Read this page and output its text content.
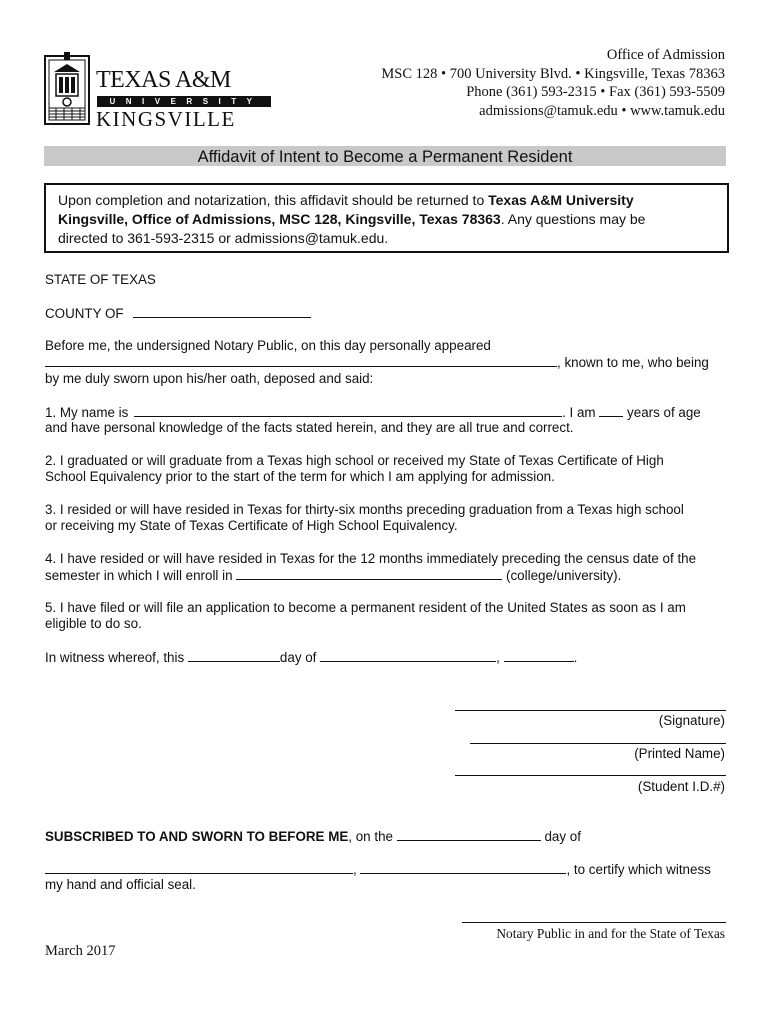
TEXAS A&M
UNIVERSITY
KINGSVILLE
Office of Admission
MSC 128 • 700 University Blvd. • Kingsville, Texas 78363
Phone (361) 593-2315 • Fax (361) 593-5509
admissions@tamuk.edu • www.tamuk.edu
Affidavit of Intent to Become a Permanent Resident
Upon completion and notarization, this affidavit should be returned to Texas A&M University
Kingsville, Office of Admissions, MSC 128, Kingsville, Texas 78363. Any questions may be
directed to 361-593-2315 or admissions@tamuk.edu.
STATE OF TEXAS
COUNTY OF
Before me, the undersigned Notary Public, on this day personally appeared
, known to me, who being
by me duly sworn upon his/her oath, deposed and said:
1. My name is	. I am years of age
and have personal knowledge of the facts stated herein, and they are all true and correct.
2. I graduated or will graduate from a Texas high school or received my State of Texas Certificate of High
School Equivalency prior to the start of the term for which I am applying for admission.
3. I resided or will have resided in Texas for thirty-six months preceding graduation from a Texas high school
or receiving my State of Texas Certificate of High School Equivalency.
4. I have resided or will have resided in Texas for the 12 months immediately preceding the census date of the
semester in which I will enroll in	(college/university).
5. I have filed or will file an application to become a permanent resident of the United States as soon as I am
eligible to do so.
In witness whereof, this	day of	,	.
(Signature)
(Printed Name)
(Student I.D.#)
SUBSCRIBED TO AND SWORN TO BEFORE ME, on the	day of
,	, to certify which witness
my hand and official seal.
Notary Public in and for the State of Texas
March 2017
